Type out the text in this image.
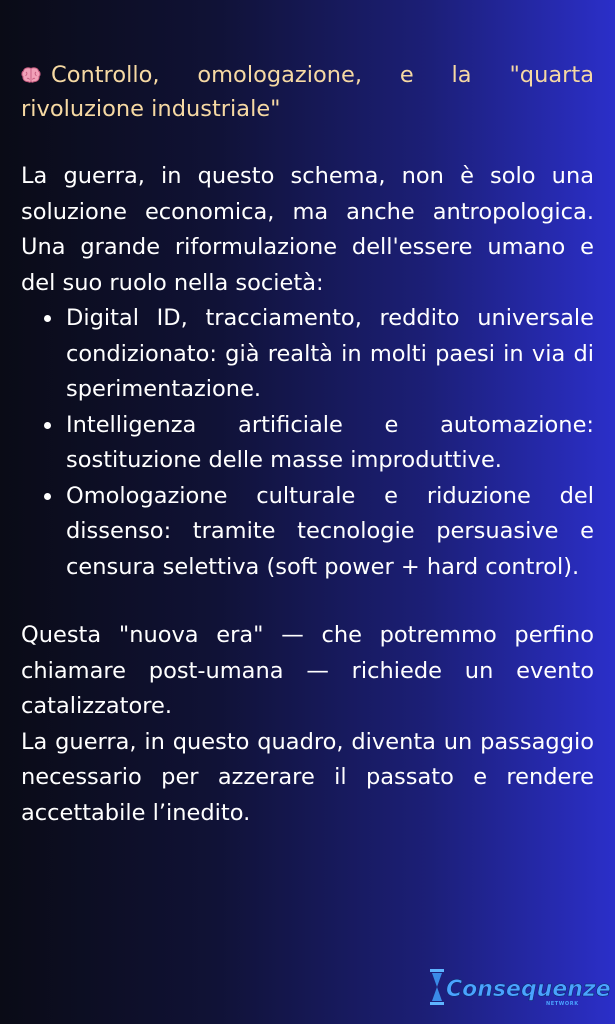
Controllo, omologazione, e la "quarta rivoluzione industriale"

La guerra, in questo schema, non è solo una soluzione economica, ma anche antropologica. Una grande riformulazione dell'essere umano e del suo ruolo nella società:

Digital ID, tracciamento, reddito universale condizionato: già realtà in molti paesi in via di sperimentazione.
Intelligenza artificiale e automazione: sostituzione delle masse improduttive.
Omologazione culturale e riduzione del dissenso: tramite tecnologie persuasive e censura selettiva (soft power + hard control).

Questa "nuova era" — che potremmo perfino chiamare post-umana — richiede un evento catalizzatore.

La guerra, in questo quadro, diventa un passaggio necessario per azzerare il passato e rendere accettabile l’inedito.

Consequenze
NETWORK
